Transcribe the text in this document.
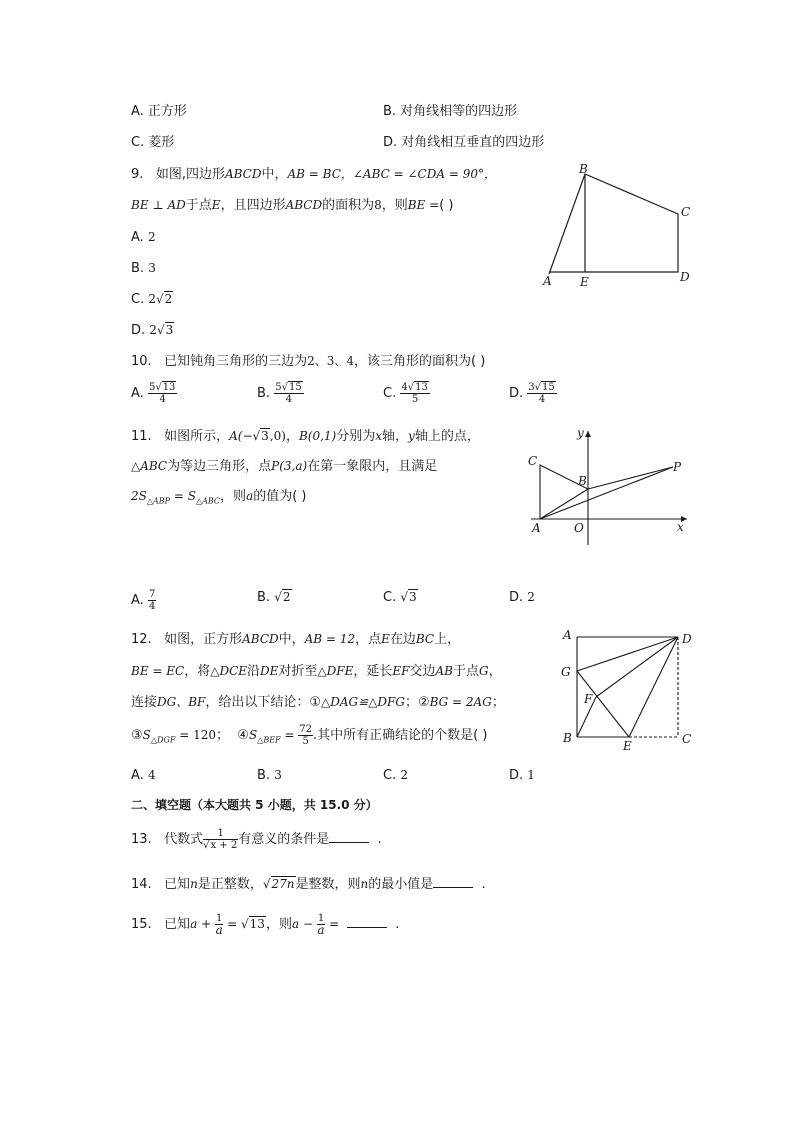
A. 正方形	B. 对角线相等的四边形
C. 菱形	D. 对角线相互垂直的四边形
9. 如图,四边形ABCD中，AB = BC，∠ABC = ∠CDA = 90°，
BE ⊥ AD于点E，且四边形ABCD的面积为8，则BE =( )
A. 2
B. 3
C. 2√2
D. 2√3
B
C
A E	D
10. 已知钝角三角形的三边为2、3、4，该三角形的面积为( )
A. $\frac{5√13}{4}$	B. $\frac{5√15}{4}$	C. $\frac{4√13}{5}$	D. $\frac{3√15}{4}$
11. 如图所示，A(−√3,0)，B(0,1)分别为x轴，y轴上的点，
△ABC为等边三角形，点P(3,a)在第一象限内，且满足
$2S_{\triangle ABP} = S_{\triangle ABC}$，则a的值为( )
y
C
B
P
A	O	x
A. $\frac{7}{4}$	B. √2	C. √3	D. 2
12. 如图，正方形ABCD中，AB = 12，点E在边BC上，
BE = EC，将△DCE沿DE对折至△DFE，延长EF交边AB于点G，
连接DG、BF，给出以下结论：①△DAG≌△DFG；②BG = 2AG；
$③S_{\triangle DGF} = 120$； $④S_{\triangle BEF} = \frac{72}{5}$ .其中所有正确结论的个数是( )
A	D
G
F
B
E	C
A. 4	B. 3	C. 2	D. 1
二、填空题（本大题共 5 小题，共 15.0 分）
13. 代数式 $\frac{1}{√x + 2}$ 有意义的条件是	.
14. 已知n是正整数，√27n是整数，则n的最小值是	.
15. 已知$a + \frac{1}{a} = √13$，则$a - \frac{1}{a}$ =	.
